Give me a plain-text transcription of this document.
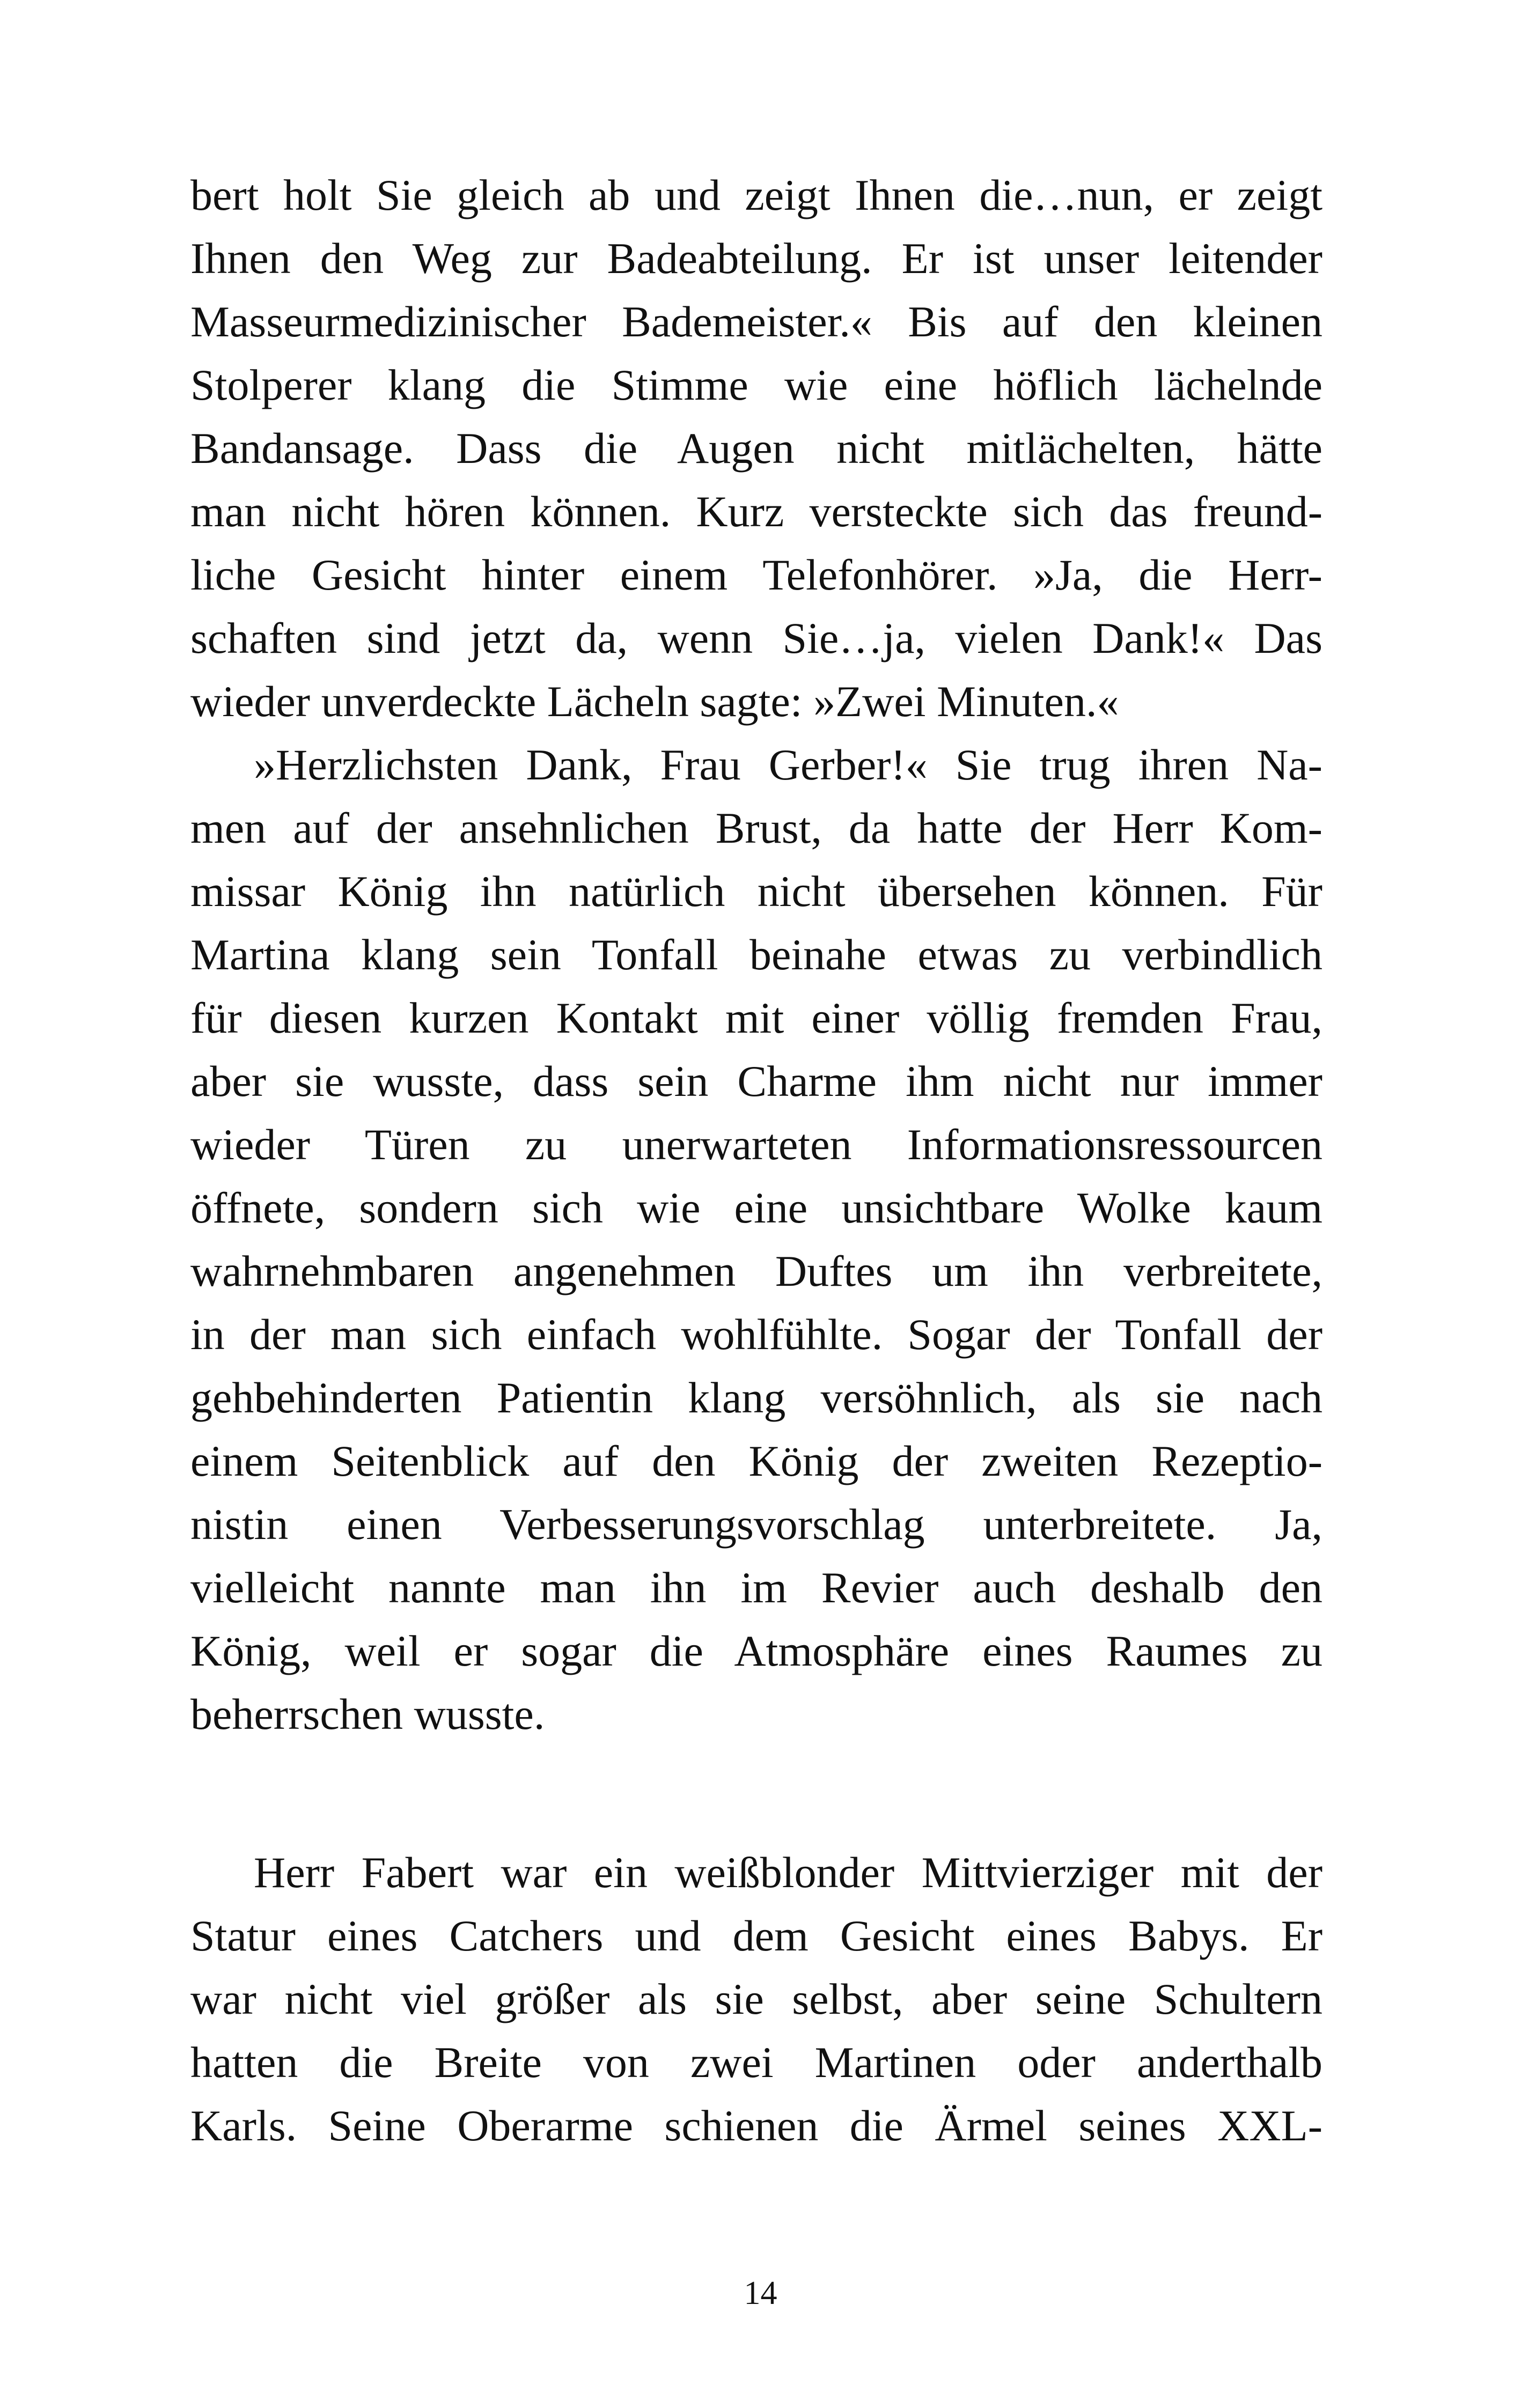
bert holt Sie gleich ab und zeigt Ihnen die…nun, er zeigt
Ihnen den Weg zur Badeabteilung. Er ist unser leitender
Masseurmedizinischer Bademeister.« Bis auf den kleinen
Stolperer klang die Stimme wie eine höflich lächelnde
Bandansage. Dass die Augen nicht mitlächelten, hätte
man nicht hören können. Kurz versteckte sich das freund-
liche Gesicht hinter einem Telefonhörer. »Ja, die Herr-
schaften sind jetzt da, wenn Sie…ja, vielen Dank!« Das
wieder unverdeckte Lächeln sagte: »Zwei Minuten.«
»Herzlichsten Dank, Frau Gerber!« Sie trug ihren Na-
men auf der ansehnlichen Brust, da hatte der Herr Kom-
missar König ihn natürlich nicht übersehen können. Für
Martina klang sein Tonfall beinahe etwas zu verbindlich
für diesen kurzen Kontakt mit einer völlig fremden Frau,
aber sie wusste, dass sein Charme ihm nicht nur immer
wieder Türen zu unerwarteten Informationsressourcen
öffnete, sondern sich wie eine unsichtbare Wolke kaum
wahrnehmbaren angenehmen Duftes um ihn verbreitete,
in der man sich einfach wohlfühlte. Sogar der Tonfall der
gehbehinderten Patientin klang versöhnlich, als sie nach
einem Seitenblick auf den König der zweiten Rezeptio-
nistin einen Verbesserungsvorschlag unterbreitete. Ja,
vielleicht nannte man ihn im Revier auch deshalb den
König, weil er sogar die Atmosphäre eines Raumes zu
beherrschen wusste.
Herr Fabert war ein weißblonder Mittvierziger mit der
Statur eines Catchers und dem Gesicht eines Babys. Er
war nicht viel größer als sie selbst, aber seine Schultern
hatten die Breite von zwei Martinen oder anderthalb
Karls. Seine Oberarme schienen die Ärmel seines XXL-
14
